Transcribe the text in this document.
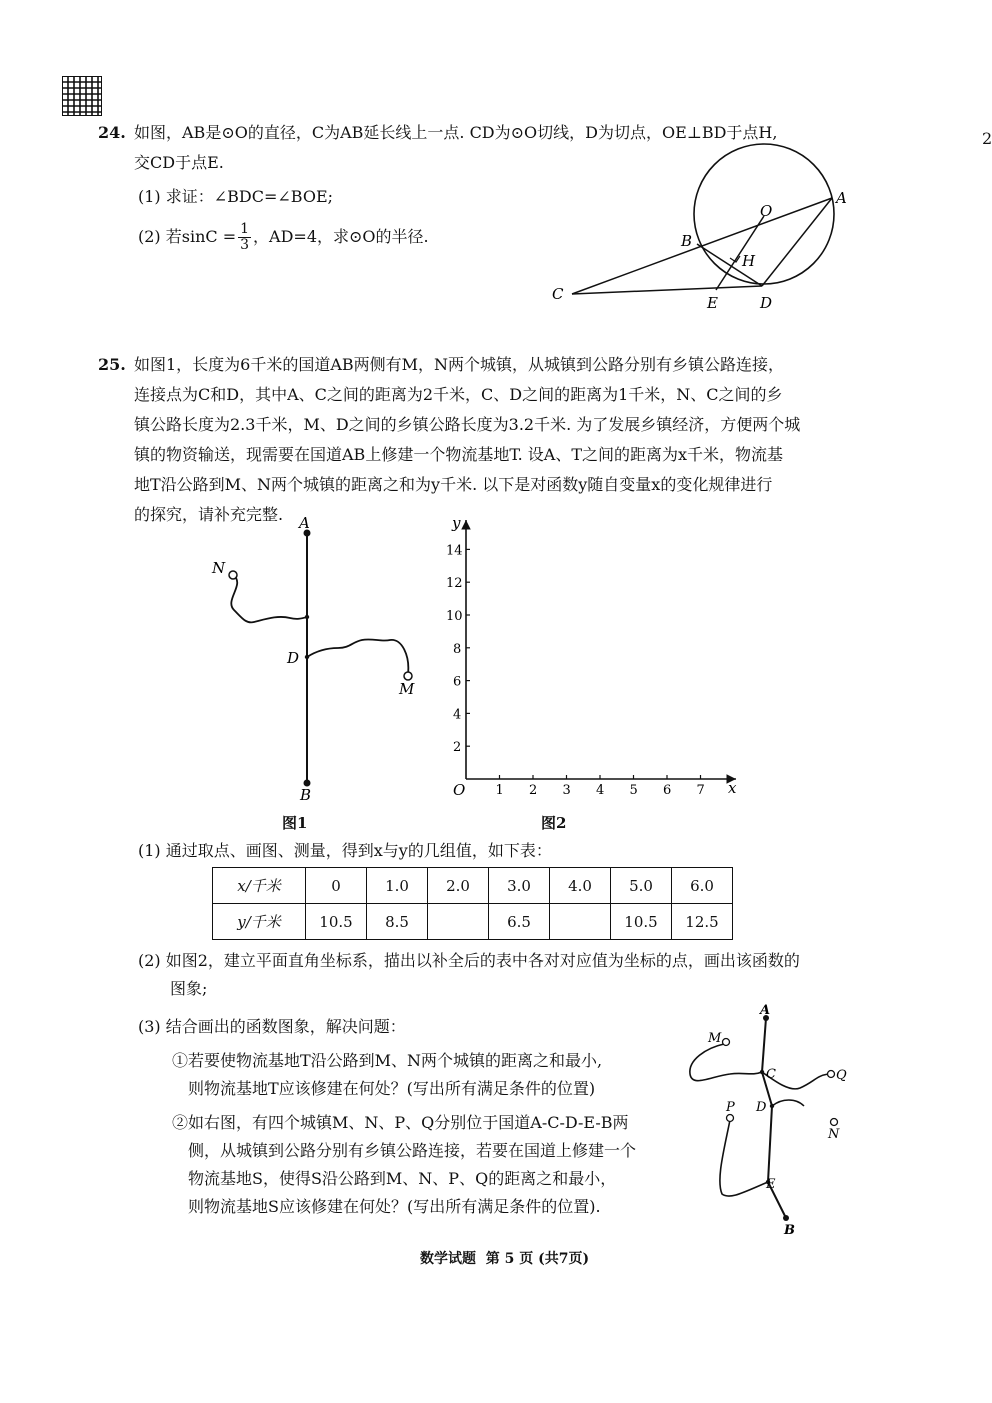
2
24. 如图，AB是⊙O的直径，C为AB延长线上一点. CD为⊙O切线，D为切点，OE⊥BD于点H,
交CD于点E.
(1) 求证：∠BDC=∠BOE;
(2) 若$\sin C = \frac{1}{3}$ ，AD=4，求⊙O的半径.
O
A
B
H
C	E	D
25. 如图1，长度为6千米的国道AB两侧有M，N两个城镇，从城镇到公路分别有乡镇公路连接，
连接点为C和D，其中A、C之间的距离为2千米，C、D之间的距离为1千米，N、C之间的乡
镇公路长度为2.3千米，M、D之间的乡镇公路长度为3.2千米. 为了发展乡镇经济，方便两个城
镇的物资输送，现需要在国道AB上修建一个物流基地T. 设A、T之间的距离为x千米，物流基
地T沿公路到M、N两个城镇的距离之和为y千米. 以下是对函数y随自变量x的变化规律进行
的探究，请补充完整. A
N
D
M
B
图1
1 2 3 4 5 6 7
2
4
6
8
10
12
14
O	x
y
图2
(1) 通过取点、画图、测量，得到x与y的几组值，如下表：
x/千米	0	1.0	2.0	3.0	4.0	5.0	6.0
y/千米	10.5	8.5		6.5		10.5	12.5
(2) 如图2，建立平面直角坐标系，描出以补全后的表中各对对应值为坐标的点，画出该函数的
图象;
(3) 结合画出的函数图象，解决问题：
①若要使物流基地T沿公路到M、N两个城镇的距离之和最小,
则物流基地T应该修建在何处？(写出所有满足条件的位置)
②如右图，有四个城镇M、N、P、Q分别位于国道A-C-D-E-B两
侧，从城镇到公路分别有乡镇公路连接，若要在国道上修建一个
物流基地S，使得S沿公路到M、N、P、Q的距离之和最小，
则物流基地S应该修建在何处？(写出所有满足条件的位置).
A
M
C	Q
P D
N
E
B
数学试题  第 5 页 (共7页)
